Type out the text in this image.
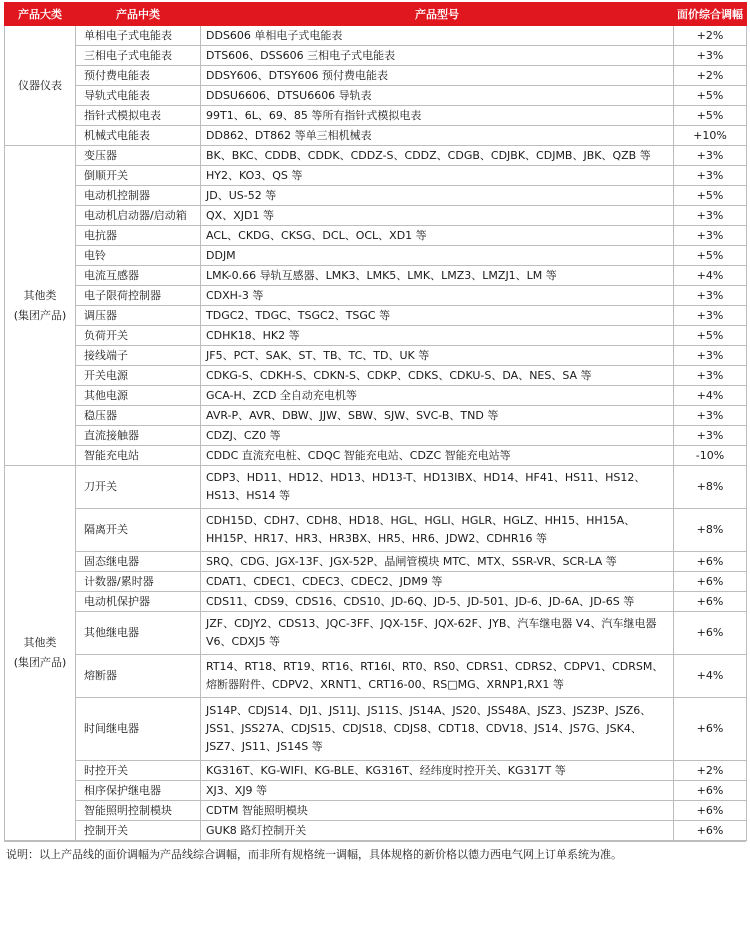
产品大类	产品中类	产品型号	面价综合调幅

仪器仪表	单相电子式电能表	DDS606 单相电子式电能表	+2%
	三相电子式电能表	DTS606、DSS606 三相电子式电能表	+3%
	预付费电能表	DDSY606、DTSY606 预付费电能表	+2%
	导轨式电能表	DDSU6606、DTSU6606 导轨表	+5%
	指针式模拟电表	99T1、6L、69、85 等所有指针式模拟电表	+5%
	机械式电能表	DD862、DT862 等单三相机械表	+10%

其他类
(集团产品)	变压器	BK、BKC、CDDB、CDDK、CDDZ-S、CDDZ、CDGB、CDJBK、CDJMB、JBK、QZB 等	+3%
	倒顺开关	HY2、KO3、QS 等	+3%
	电动机控制器	JD、US-52 等	+5%
	电动机启动器/启动箱	QX、XJD1 等	+3%
	电抗器	ACL、CKDG、CKSG、DCL、OCL、XD1 等	+3%
	电铃	DDJM	+5%
	电流互感器	LMK-0.66 导轨互感器、LMK3、LMK5、LMK、LMZ3、LMZJ1、LM 等	+4%
	电子限荷控制器	CDXH-3 等	+3%
	调压器	TDGC2、TDGC、TSGC2、TSGC 等	+3%
	负荷开关	CDHK18、HK2 等	+5%
	接线端子	JF5、PCT、SAK、ST、TB、TC、TD、UK 等	+3%
	开关电源	CDKG-S、CDKH-S、CDKN-S、CDKP、CDKS、CDKU-S、DA、NES、SA 等	+3%
	其他电源	GCA-H、ZCD 全自动充电机等	+4%
	稳压器	AVR-P、AVR、DBW、JJW、SBW、SJW、SVC-B、TND 等	+3%
	直流接触器	CDZJ、CZ0 等	+3%
	智能充电站	CDDC 直流充电桩、CDQC 智能充电站、CDZC 智能充电站等	-10%

其他类
(集团产品)	刀开关	CDP3、HD11、HD12、HD13、HD13-T、HD13IBX、HD14、HF41、HS11、HS12、HS13、HS14 等	+8%
	隔离开关	CDH15D、CDH7、CDH8、HD18、HGL、HGLI、HGLR、HGLZ、HH15、HH15A、HH15P、HR17、HR3、HR3BX、HR5、HR6、JDW2、CDHR16 等	+8%
	固态继电器	SRQ、CDG、JGX-13F、JGX-52P、晶闸管模块 MTC、MTX、SSR-VR、SCR-LA 等	+6%
	计数器/累时器	CDAT1、CDEC1、CDEC3、CDEC2、JDM9 等	+6%
	电动机保护器	CDS11、CDS9、CDS16、CDS10、JD-6Q、JD-5、JD-501、JD-6、JD-6A、JD-6S 等	+6%
	其他继电器	JZF、CDJY2、CDS13、JQC-3FF、JQX-15F、JQX-62F、JYB、汽车继电器 V4、汽车继电器 V6、CDXJ5 等	+6%
	熔断器	RT14、RT18、RT19、RT16、RT16I、RT0、RS0、CDRS1、CDRS2、CDPV1、CDRSM、熔断器附件、CDPV2、XRNT1、CRT16-00、RS□MG、XRNP1,RX1 等	+4%
	时间继电器	JS14P、CDJS14、DJ1、JS11J、JS11S、JS14A、JS20、JSS48A、JSZ3、JSZ3P、JSZ6、JSS1、JSS27A、CDJS15、CDJS18、CDJS8、CDT18、CDV18、JS14、JS7G、JSK4、JSZ7、JS11、JS14S 等	+6%
	时控开关	KG316T、KG-WIFI、KG-BLE、KG316T、经纬度时控开关、KG317T 等	+2%
	相序保护继电器	XJ3、XJ9 等	+6%
	智能照明控制模块	CDTM 智能照明模块	+6%
	控制开关	GUK8 路灯控制开关	+6%
说明：以上产品线的面价调幅为产品线综合调幅，而非所有规格统一调幅，具体规格的新价格以德力西电气网上订单系统为准。
